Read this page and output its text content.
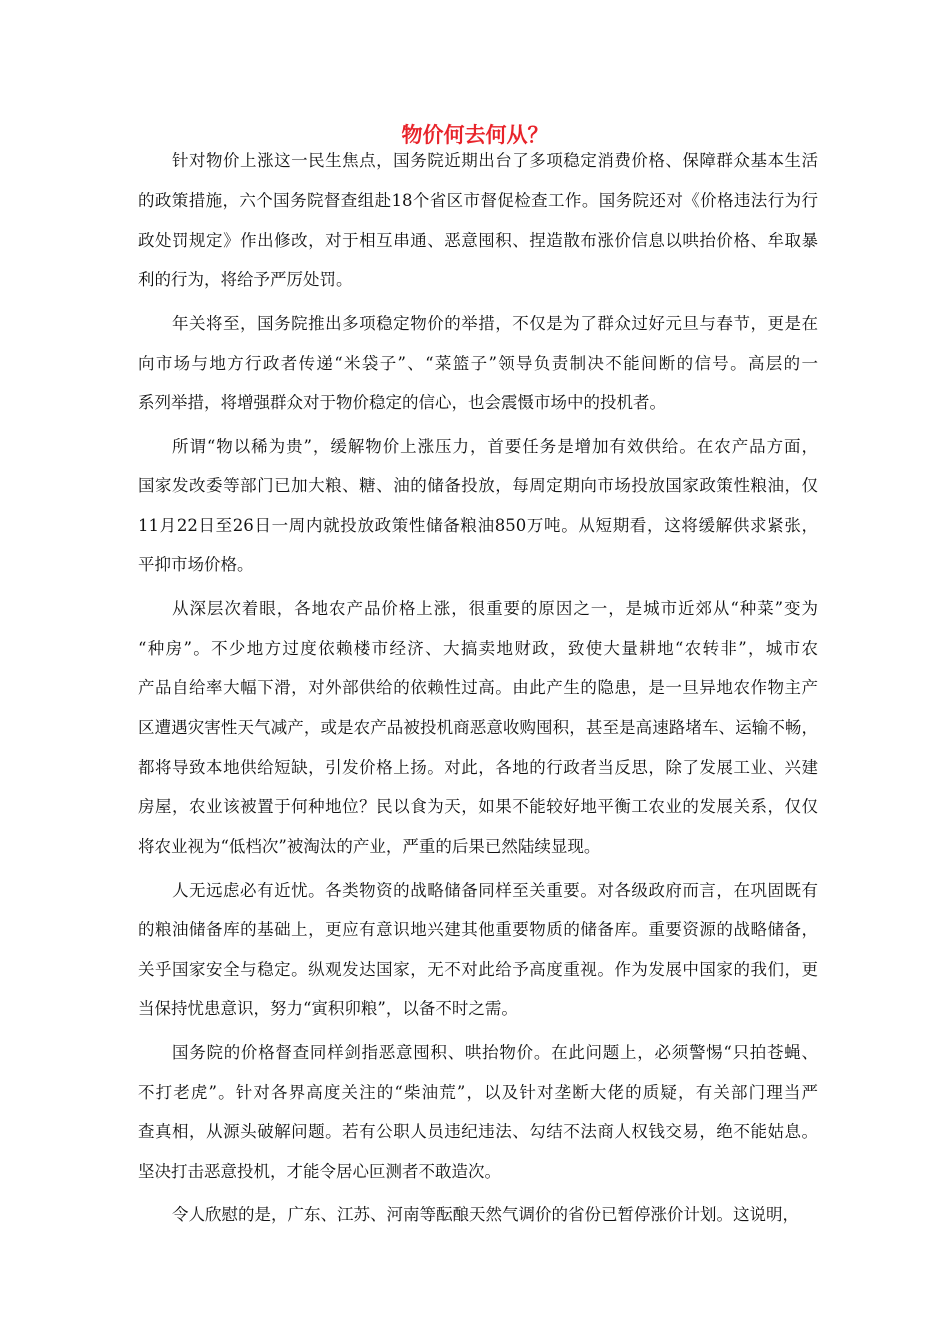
物价何去何从？

针对物价上涨这一民生焦点，国务院近期出台了多项稳定消费价格、保障群众基本生活

的政策措施，六个国务院督查组赴18个省区市督促检查工作。国务院还对《价格违法行为行

政处罚规定》作出修改，对于相互串通、恶意囤积、捏造散布涨价信息以哄抬价格、牟取暴

利的行为，将给予严厉处罚。

年关将至，国务院推出多项稳定物价的举措，不仅是为了群众过好元旦与春节，更是在

向市场与地方行政者传递“米袋子”、“菜篮子”领导负责制决不能间断的信号。高层的一

系列举措，将增强群众对于物价稳定的信心，也会震慑市场中的投机者。

所谓“物以稀为贵”，缓解物价上涨压力，首要任务是增加有效供给。在农产品方面，

国家发改委等部门已加大粮、糖、油的储备投放，每周定期向市场投放国家政策性粮油，仅

11月22日至26日一周内就投放政策性储备粮油850万吨。从短期看，这将缓解供求紧张，

平抑市场价格。

从深层次着眼，各地农产品价格上涨，很重要的原因之一，是城市近郊从“种菜”变为

“种房”。不少地方过度依赖楼市经济、大搞卖地财政，致使大量耕地“农转非”，城市农

产品自给率大幅下滑，对外部供给的依赖性过高。由此产生的隐患，是一旦异地农作物主产

区遭遇灾害性天气减产，或是农产品被投机商恶意收购囤积，甚至是高速路堵车、运输不畅，

都将导致本地供给短缺，引发价格上扬。对此，各地的行政者当反思，除了发展工业、兴建

房屋，农业该被置于何种地位？民以食为天，如果不能较好地平衡工农业的发展关系，仅仅

将农业视为“低档次”被淘汰的产业，严重的后果已然陆续显现。

人无远虑必有近忧。各类物资的战略储备同样至关重要。对各级政府而言，在巩固既有

的粮油储备库的基础上，更应有意识地兴建其他重要物质的储备库。重要资源的战略储备，

关乎国家安全与稳定。纵观发达国家，无不对此给予高度重视。作为发展中国家的我们，更

当保持忧患意识，努力“寅积卯粮”，以备不时之需。

国务院的价格督查同样剑指恶意囤积、哄抬物价。在此问题上，必须警惕“只拍苍蝇、

不打老虎”。针对各界高度关注的“柴油荒”，以及针对垄断大佬的质疑，有关部门理当严

查真相，从源头破解问题。若有公职人员违纪违法、勾结不法商人权钱交易，绝不能姑息。

坚决打击恶意投机，才能令居心叵测者不敢造次。

令人欣慰的是，广东、江苏、河南等酝酿天然气调价的省份已暂停涨价计划。这说明，
